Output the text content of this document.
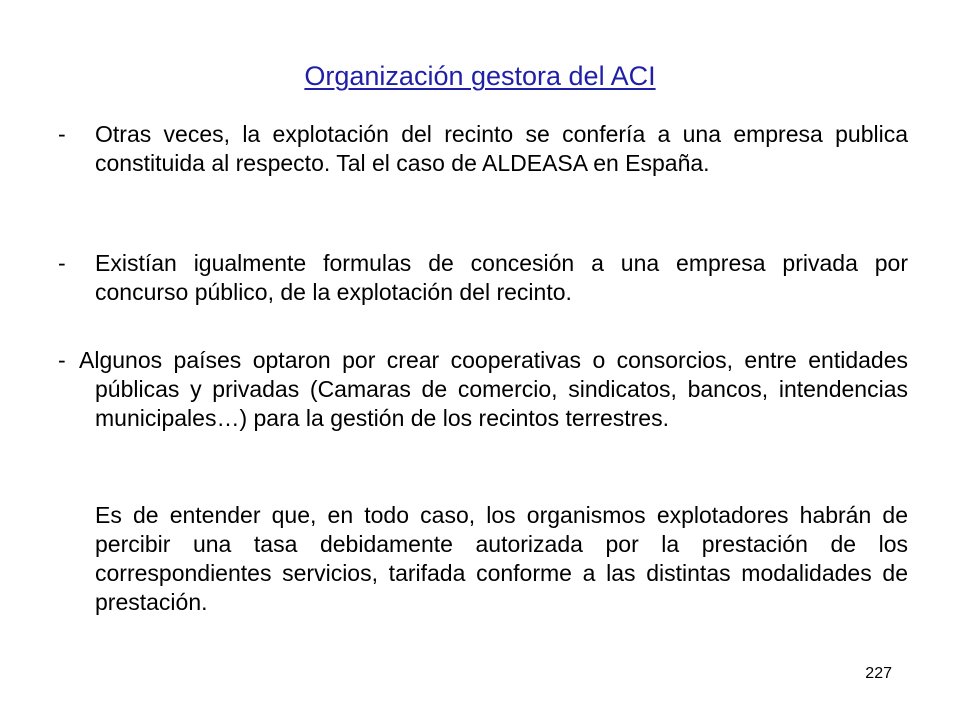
Organización gestora del ACI
-	Otras veces, la explotación del recinto se confería a una empresa publica constituida al respecto. Tal el caso de ALDEASA en España.
-	Existían igualmente formulas de concesión a una empresa privada por concurso público, de la explotación del recinto.
- Algunos países optaron por crear cooperativas o consorcios, entre entidades públicas y privadas (Camaras de comercio, sindicatos, bancos, intendencias municipales…) para la gestión de los recintos terrestres.
Es de entender que, en todo caso, los organismos explotadores habrán de percibir una tasa debidamente autorizada por la prestación de los correspondientes servicios, tarifada conforme a las distintas modalidades de prestación.
227
